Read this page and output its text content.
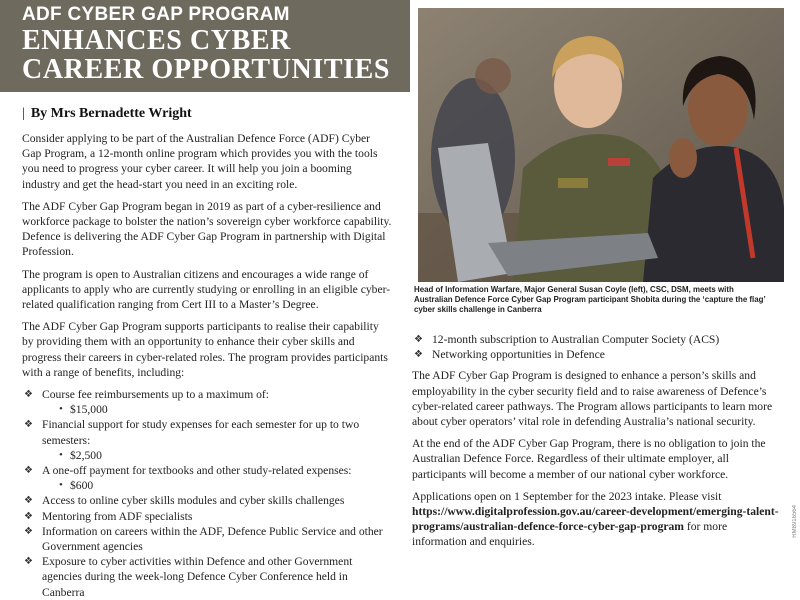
ADF CYBER GAP PROGRAM
ENHANCES CYBER CAREER OPPORTUNITIES
| By Mrs Bernadette Wright

Consider applying to be part of the Australian Defence Force (ADF) Cyber Gap Program, a 12-month online program which provides you with the tools you need to progress your cyber career. It will help you join a booming industry and get the head-start you need in an exciting role.

The ADF Cyber Gap Program began in 2019 as part of a cyber-resilience and workforce package to bolster the nation’s sovereign cyber workforce capability. Defence is delivering the ADF Cyber Gap Program in partnership with Digital Profession.

The program is open to Australian citizens and encourages a wide range of applicants to apply who are currently studying or enrolling in an eligible cyber-related qualification ranging from Cert III to a Master’s Degree.

The ADF Cyber Gap Program supports participants to realise their capability by providing them with an opportunity to enhance their cyber skills and progress their careers in cyber-related roles. The program provides participants with a range of benefits, including:

❖ Course fee reimbursements up to a maximum of:
• $15,000
❖ Financial support for study expenses for each semester for up to two semesters:
• $2,500
❖ A one-off payment for textbooks and other study-related expenses:
• $600
❖ Access to online cyber skills modules and cyber skills challenges
❖ Mentoring from ADF specialists
❖ Information on careers within the ADF, Defence Public Service and other Government agencies
❖ Exposure to cyber activities within Defence and other Government agencies during the week-long Defence Cyber Conference held in Canberra
Head of Information Warfare, Major General Susan Coyle (left), CSC, DSM, meets with Australian Defence Force Cyber Gap Program participant Shobita during the ‘capture the flag’ cyber skills challenge in Canberra
❖ 12-month subscription to Australian Computer Society (ACS)
❖ Networking opportunities in Defence

The ADF Cyber Gap Program is designed to enhance a person’s skills and employability in the cyber security field and to raise awareness of Defence’s cyber-related career pathways. The Program allows participants to learn more about cyber operators’ vital role in defending Australia’s national security.

At the end of the ADF Cyber Gap Program, there is no obligation to join the Australian Defence Force. Regardless of their ultimate employer, all participants will become a member of our national cyber workforce.

Applications open on 1 September for the 2023 intake. Please visit https://www.digitalprofession.gov.au/career-development/emerging-talent-programs/australian-defence-force-cyber-gap-program for more information and enquiries.

RM8916564
